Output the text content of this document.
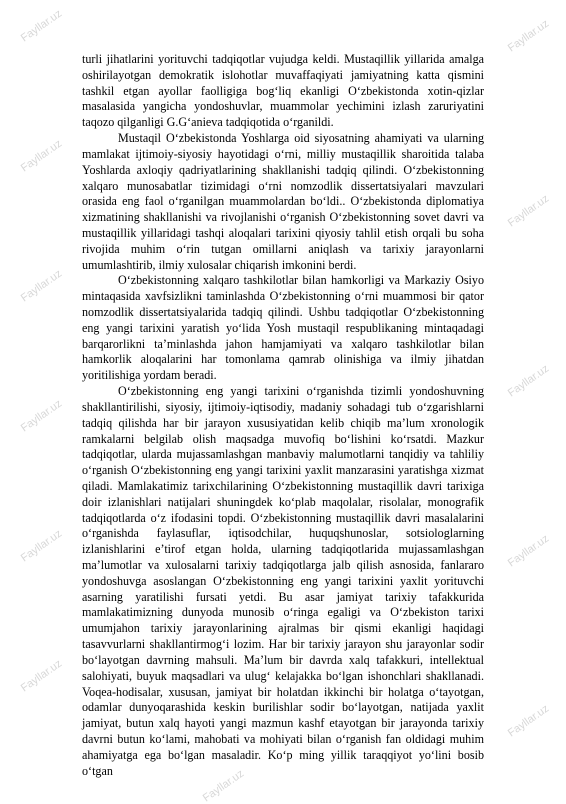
Fayllar.uz	Fayllar.uz
Fayllar.uz
Fayllar.uz
Fayllar.uz
Fayllar.uz
Fayllar.uz
Fayllar.uz
Fayllar.uz
Fayllar.uz
Fayllar.uz
Fayllar.uz

turli jihatlarini yorituvchi tadqiqotlar vujudga keldi. Mustaqillik yillarida amalga oshirilayotgan demokratik islohotlar muvaffaqiyati jamiyatning katta qismini tashkil etgan ayollar faolligiga bog‘liq ekanligi O‘zbekistonda xotin-qizlar masalasida yangicha yondoshuvlar, muammolar yechimini izlash zaruriyatini taqozo qilganligi G.G‘anieva tadqiqotida o‘rganildi.

Mustaqil O‘zbekistonda Yoshlarga oid siyosatning ahamiyati va ularning mamlakat ijtimoiy-siyosiy hayotidagi o‘rni, milliy mustaqillik sharoitida talaba Yoshlarda axloqiy qadriyatlarining shakllanishi tadqiq qilindi. O‘zbekistonning xalqaro munosabatlar tizimidagi o‘rni nomzodlik dissertatsiyalari mavzulari orasida eng faol o‘rganilgan muammolardan bo‘ldi.. O‘zbekistonda diplomatiya xizmatining shakllanishi va rivojlanishi o‘rganish O‘zbekistonning sovet davri va mustaqillik yillaridagi tashqi aloqalari tarixini qiyosiy tahlil etish orqali bu soha rivojida muhim o‘rin tutgan omillarni aniqlash va tarixiy jarayonlarni umumlashtirib, ilmiy xulosalar chiqarish imkonini berdi.

O‘zbekistonning xalqaro tashkilotlar bilan hamkorligi va Markaziy Osiyo mintaqasida xavfsizlikni taminlashda O‘zbekistonning o‘rni muammosi bir qator nomzodlik dissertatsiyalarida tadqiq qilindi. Ushbu tadqiqotlar O‘zbekistonning eng yangi tarixini yaratish yo‘lida Yosh mustaqil respublikaning mintaqadagi barqarorlikni ta’minlashda jahon hamjamiyati va xalqaro tashkilotlar bilan hamkorlik aloqalarini har tomonlama qamrab olinishiga va ilmiy jihatdan yoritilishiga yordam beradi.

O‘zbekistonning eng yangi tarixini o‘rganishda tizimli yondoshuvning shakllantirilishi, siyosiy, ijtimoiy-iqtisodiy, madaniy sohadagi tub o‘zgarishlarni tadqiq qilishda har bir jarayon xususiyatidan kelib chiqib ma’lum xronologik ramkalarni belgilab olish maqsadga muvofiq bo‘lishini ko‘rsatdi. Mazkur tadqiqotlar, ularda mujassamlashgan manbaviy malumotlarni tanqidiy va tahliliy o‘rganish O‘zbekistonning eng yangi tarixini yaxlit manzarasini yaratishga xizmat qiladi. Mamlakatimiz tarixchilarining O‘zbekistonning mustaqillik davri tarixiga doir izlanishlari natijalari shuningdek ko‘plab maqolalar, risolalar, monografik tadqiqotlarda o‘z ifodasini topdi. O‘zbekistonning mustaqillik davri masalalarini o‘rganishda faylasuflar, iqtisodchilar, huquqshunoslar, sotsiologlarning izlanishlarini e’tirof etgan holda, ularning tadqiqotlarida mujassamlashgan ma’lumotlar va xulosalarni tarixiy tadqiqotlarga jalb qilish asnosida, fanlararo yondoshuvga asoslangan O‘zbekistonning eng yangi tarixini yaxlit yorituvchi asarning yaratilishi fursati yetdi. Bu asar jamiyat tarixiy tafakkurida mamlakatimizning dunyoda munosib o‘ringa egaligi va O‘zbekiston tarixi umumjahon tarixiy jarayonlarining ajralmas bir qismi ekanligi haqidagi tasavvurlarni shakllantirmog‘i lozim. Har bir tarixiy jarayon shu jarayonlar sodir bo‘layotgan davrning mahsuli. Ma’lum bir davrda xalq tafakkuri, intellektual salohiyati, buyuk maqsadlari va ulug‘ kelajakka bo‘lgan ishonchlari shakllanadi. Voqea-hodisalar, xususan, jamiyat bir holatdan ikkinchi bir holatga o‘tayotgan, odamlar dunyoqarashida keskin burilishlar sodir bo‘layotgan, natijada yaxlit jamiyat, butun xalq hayoti yangi mazmun kashf etayotgan bir jarayonda tarixiy davrni butun ko‘lami, mahobati va mohiyati bilan o‘rganish fan oldidagi muhim ahamiyatga ega bo‘lgan masaladir. Ko‘p ming yillik taraqqiyot yo‘lini bosib o‘tgan
